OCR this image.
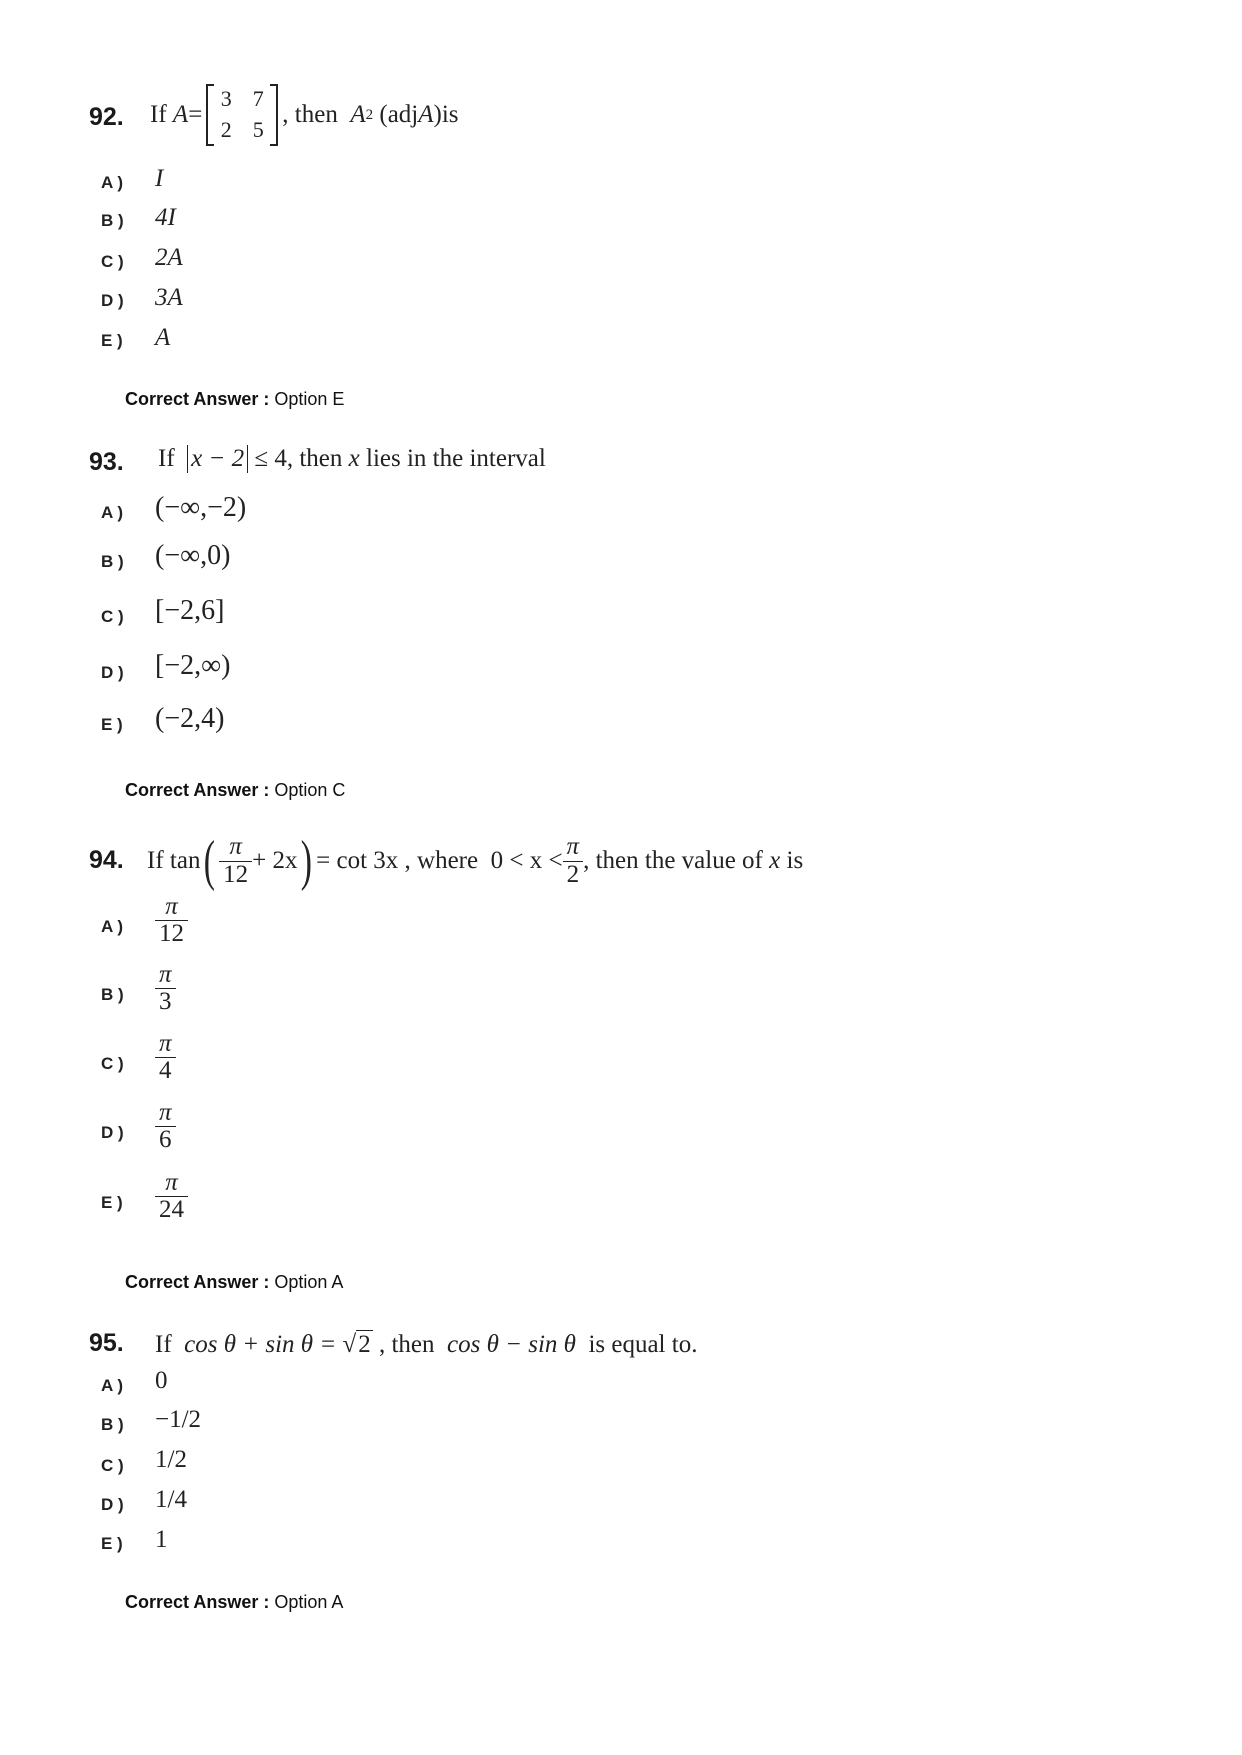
92. If
A =
3 7
2 5
,
then
A 2
(adj A ) is
A ) I
B ) 4I
C ) 2A
D ) 3A
E ) A
Correct Answer : Option E
93. If x − 2 ≤ 4, then x lies in the interval
A ) (−∞,−2)
B ) (−∞,0)
C ) [−2,6]
D ) [−2,∞)
E ) (−2,4)
Correct Answer : Option C
94. If
tan ( $\frac{\pi}{12} + 2x$ ) = cot 3x , where
$0 < x < \frac{\pi}{2}$ , then the value of
x
is
A ) $\frac{\pi}{12}$
B ) $\frac{\pi}{3}$
C ) $\frac{\pi}{4}$
D ) $\frac{\pi}{6}$
E ) $\frac{\pi}{24}$
Correct Answer : Option A
95. If cos θ + sin θ = √2 , then cos θ − sin θ is equal to.
A ) 0
B ) −1/2
C ) 1/2
D ) 1/4
E ) 1
Correct Answer : Option A
